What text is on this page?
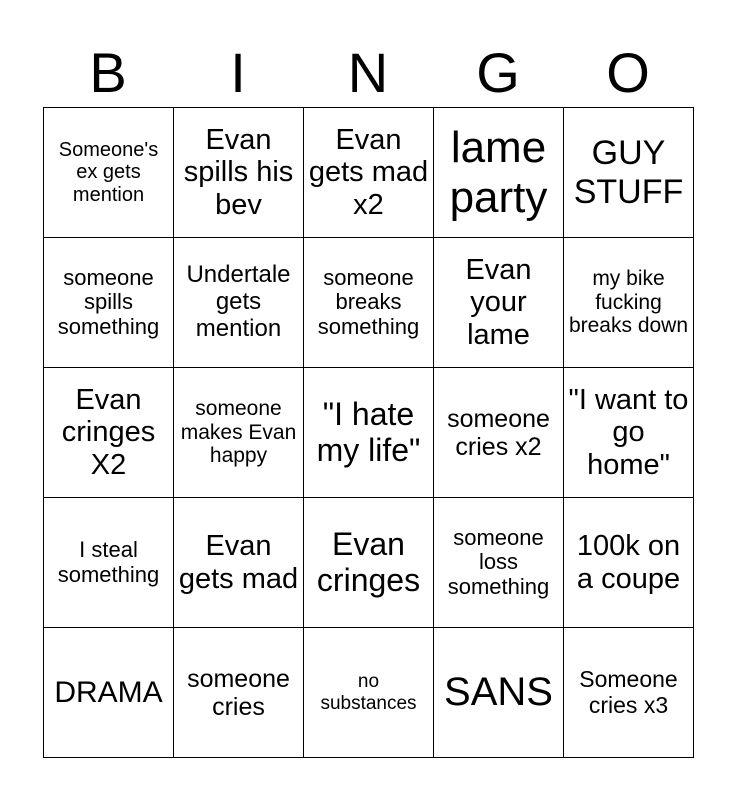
B	I	N	G	O
Someone's ex gets mention	Evan spills his bev	Evan gets mad x2	lame party	GUY STUFF
someone spills something	Undertale gets mention	someone breaks something	Evan your lame	my bike fucking breaks down
Evan cringes X2	someone makes Evan happy	"I hate my life"	someone cries x2	"I want to go home"
I steal something	Evan gets mad	Evan cringes	someone loss something	100k on a coupe
DRAMA	someone cries	no substances	SANS	Someone cries x3
